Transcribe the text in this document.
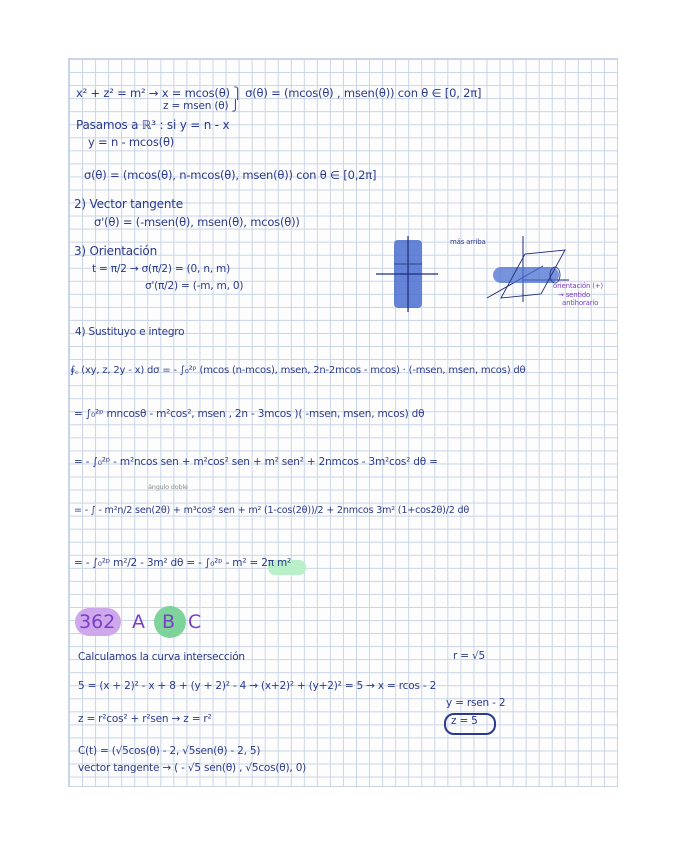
x² + z² = m² → x = mcos(θ) ⎫ σ(θ) = (mcos(θ) , msen(θ)) con θ ∈ [0, 2π]
z = msen (θ) ⎭
Pasamos a ℝ³ : si y = n - x
y = n - mcos(θ)
σ(θ) = (mcos(θ), n-mcos(θ), msen(θ)) con θ ∈ [0,2π]
2) Vector tangente
σ'(θ) = (-msen(θ), msen(θ), mcos(θ))
3) Orientación
t = π/2 → σ(π/2) = (0, n, m)
σ'(π/2) = (-m, m, 0)
más arriba
orientación (+)
→ sentido
antihorario
4) Sustituyo e integro
∮꜀ (xy, z, 2y - x) dσ = - ∫₀²ᵖ (mcos (n-mcos), msen, 2n-2mcos - mcos) · (-msen, msen, mcos) dθ
= ∫₀²ᵖ mncosθ - m²cos², msen , 2n - 3mcos )( -msen, msen, mcos) dθ
= - ∫₀²ᵖ - m²ncos sen + m²cos² sen + m² sen² + 2nmcos - 3m²cos² dθ =
ángulo doble
= - ∫ - m²n/2 sen(2θ) + m³cos² sen + m² (1-cos(2θ))/2 + 2nmcos 3m² (1+cos2θ)/2 dθ
= - ∫₀²ᵖ m²/2 - 3m² dθ = - ∫₀²ᵖ - m² = 2π m²
362 A B C
Calculamos la curva intersección	r = √5
5 = (x + 2)² - x + 8 + (y + 2)² - 4 → (x+2)² + (y+2)² = 5 → x = rcos - 2
y = rsen - 2
z = r²cos² + r²sen → z = r²	z = 5
C(t) = (√5cos(θ) - 2, √5sen(θ) - 2, 5)
vector tangente → ( - √5 sen(θ) , √5cos(θ), 0)
